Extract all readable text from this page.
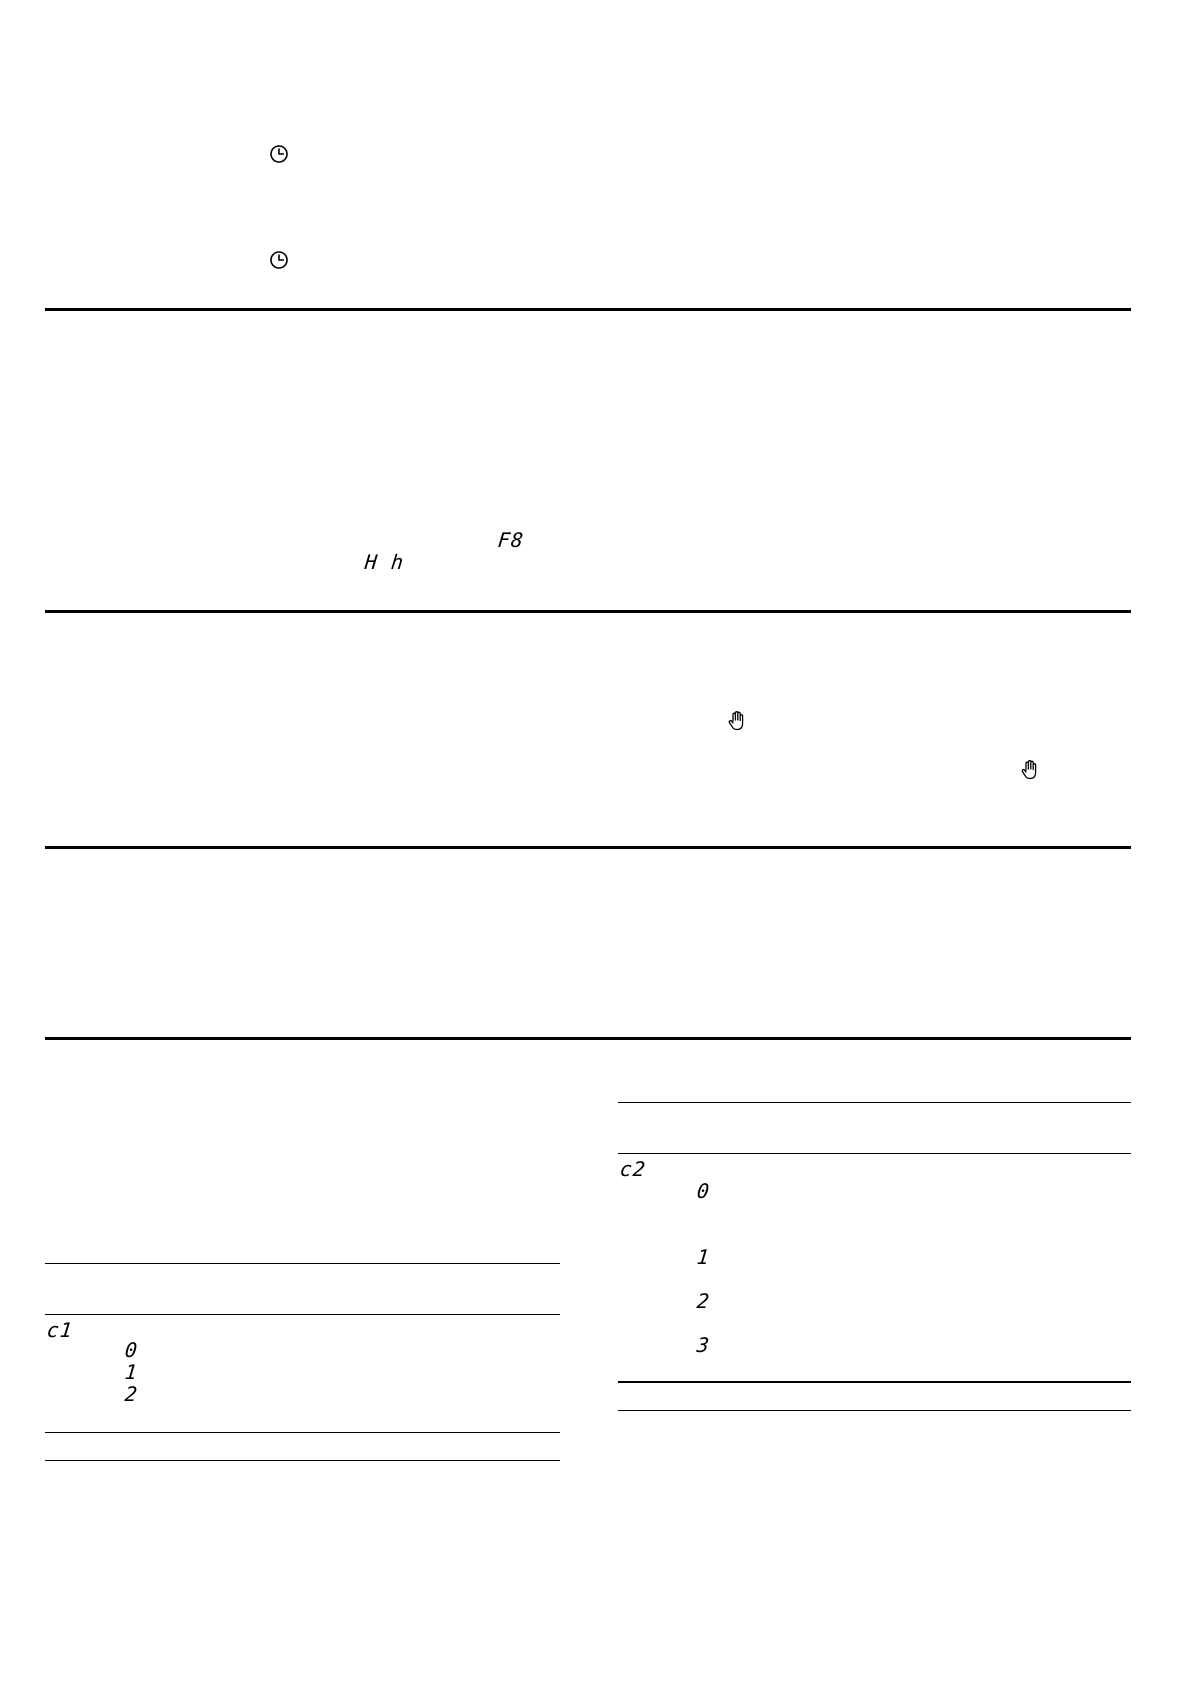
F8
H h
c1
0
1
2
c2
0
1
2
3
